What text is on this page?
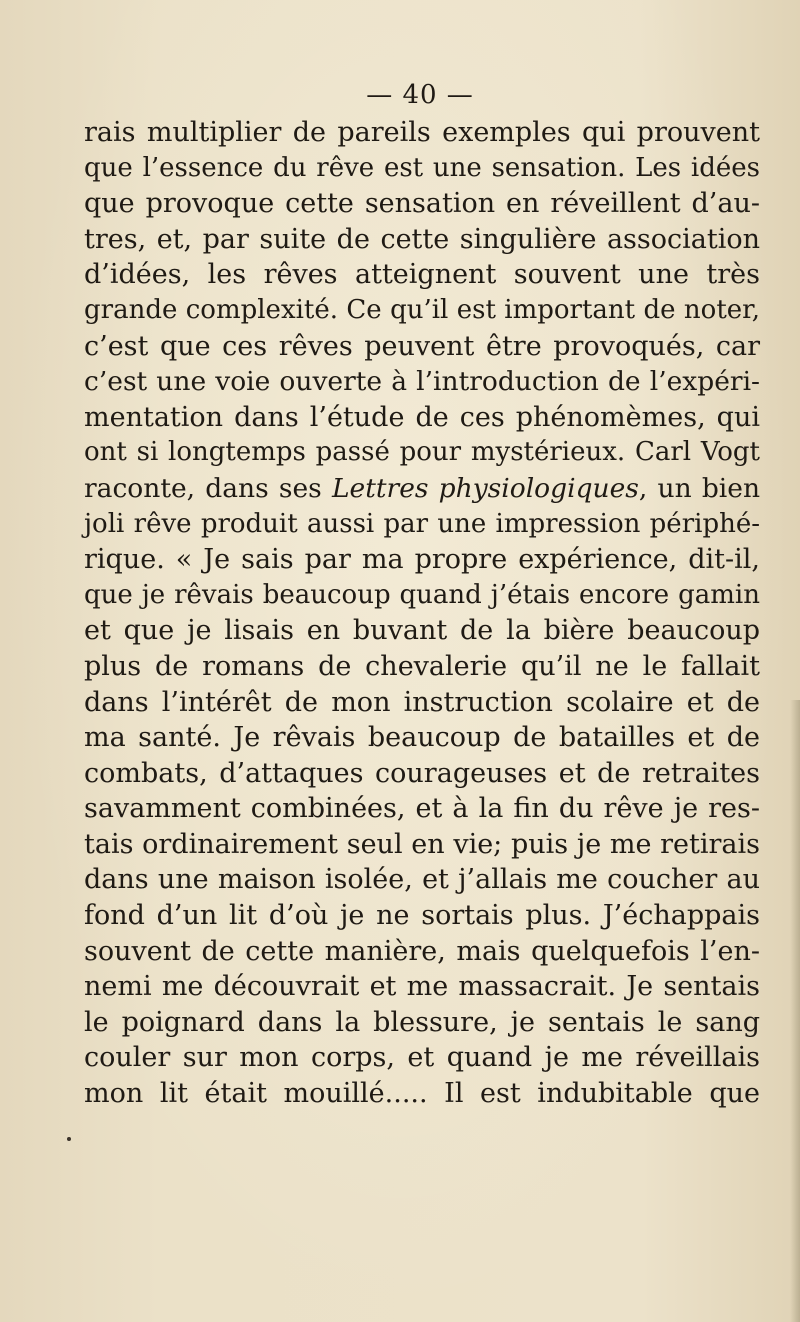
— 40 —
rais multiplier de pareils exemples qui prouvent
que l’essence du rêve est une sensation. Les idées
que provoque cette sensation en réveillent d’au-
tres, et, par suite de cette singulière association
d’idées, les rêves atteignent souvent une très
grande complexité. Ce qu’il est important de noter,
c’est que ces rêves peuvent être provoqués, car
c’est une voie ouverte à l’introduction de l’expéri-
mentation dans l’étude de ces phénomèmes, qui
ont si longtemps passé pour mystérieux. Carl Vogt
raconte, dans ses Lettres physiologiques, un bien
joli rêve produit aussi par une impression périphé-
rique. « Je sais par ma propre expérience, dit-il,
que je rêvais beaucoup quand j’étais encore gamin
et que je lisais en buvant de la bière beaucoup
plus de romans de chevalerie qu’il ne le fallait
dans l’intérêt de mon instruction scolaire et de
ma santé. Je rêvais beaucoup de batailles et de
combats, d’attaques courageuses et de retraites
savamment combinées, et à la fin du rêve je res-
tais ordinairement seul en vie; puis je me retirais
dans une maison isolée, et j’allais me coucher au
fond d’un lit d’où je ne sortais plus. J’échappais
souvent de cette manière, mais quelquefois l’en-
nemi me découvrait et me massacrait. Je sentais
le poignard dans la blessure, je sentais le sang
couler sur mon corps, et quand je me réveillais
mon lit était mouillé..... Il est indubitable que
